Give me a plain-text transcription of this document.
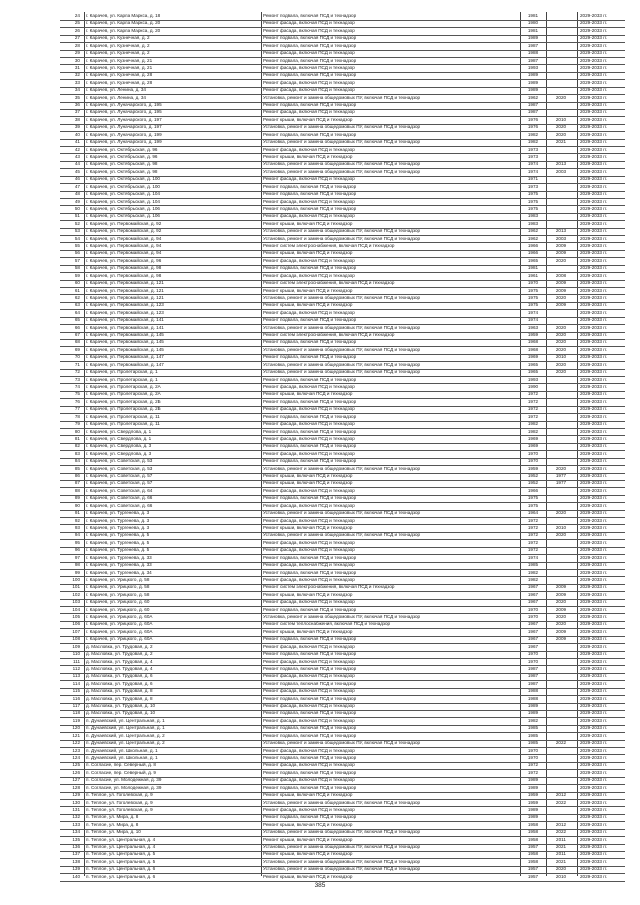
24 г. Карачев, ул. Карла Маркса, д. 18	Ремонт подвала, включая ПСД и технадзор	1981	2029-2033 гг.
25 г. Карачев, ул. Карла Маркса, д. 20	Ремонт фасада, включая ПСД и технадзор	1980	2029-2033 гг.
26 г. Карачев, ул. Карла Маркса, д. 20	Ремонт фасада, включая ПСД и технадзор	1981	2029-2033 гг.
27 г. Карачев, ул. Кузнечная, д. 2	Ремонт подвала, включая ПСД и технадзор	1989	2029-2033 гг.
28 г. Карачев, ул. Кузнечная, д. 2	Ремонт подвала, включая ПСД и технадзор	1987	2029-2033 гг.
29 г. Карачев, ул. Кузнечная, д. 2	Ремонт фасада, включая ПСД и технадзор	1988	2029-2033 гг.
30 г. Карачев, ул. Кузнечная, д. 21	Ремонт подвала, включая ПСД и технадзор	1987	2029-2033 гг.
31 г. Карачев, ул. Кузнечная, д. 21	Ремонт фасада, включая ПСД и технадзор	1993	2029-2033 гг.
32 г. Карачев, ул. Кузнечная, д. 28	Ремонт подвала, включая ПСД и технадзор	1989	2029-2033 гг.
33 г. Карачев, ул. Кузнечная, д. 28	Ремонт фасада, включая ПСД и технадзор	1989	2029-2033 гг.
34 г. Карачев, ул. Ленина, д. 34	Ремонт фасада, включая ПСД и технадзор	1989	2029-2033 гг.
35 г. Карачев, ул. Ленина, д. 34	Установка, ремонт и замена общедомовых ПУ, включая ПСД и технадзор	1962	2020	2029-2033 гг.
36 г. Карачев, ул. Луначарского, д. 195	Ремонт подвала, включая ПСД и технадзор	1987	2029-2033 гг.
37 г. Карачев, ул. Луначарского, д. 195	Ремонт фасада, включая ПСД и технадзор	1987	2029-2033 гг.
38 г. Карачев, ул. Луначарского, д. 197	Ремонт крыши, включая ПСД и технадзор	1976	2010	2029-2033 гг.
39 г. Карачев, ул. Луначарского, д. 197	Установка, ремонт и замена общедомовых ПУ, включая ПСД и технадзор	1976	2020	2029-2033 гг.
40 г. Карачев, ул. Луначарского, д. 199	Ремонт подвала, включая ПСД и технадзор	1982	2020	2029-2033 гг.
41 г. Карачев, ул. Луначарского, д. 199	Установка, ремонт и замена общедомовых ПУ, включая ПСД и технадзор	1982	2021	2029-2033 гг.
42 г. Карачев, ул. Октябрьская, д. 96	Ремонт фасада, включая ПСД и технадзор	1973	2029-2033 гг.
43 г. Карачев, ул. Октябрьская, д. 96	Ремонт крыши, включая ПСД и технадзор	1973	2029-2033 гг.
44 г. Карачев, ул. Октябрьская, д. 98	Установка, ремонт и замена общедомовых ПУ, включая ПСД и технадзор	1974	2013	2029-2033 гг.
45 г. Карачев, ул. Октябрьская, д. 98	Установка, ремонт и замена общедомовых ПУ, включая ПСД и технадзор	1974	2003	2029-2033 гг.
46 г. Карачев, ул. Октябрьская, д. 100	Ремонт фасада, включая ПСД и технадзор	1971	2029-2033 гг.
47 г. Карачев, ул. Октябрьская, д. 100	Ремонт подвала, включая ПСД и технадзор	1973	2029-2033 гг.
48 г. Карачев, ул. Октябрьская, д. 104	Ремонт подвала, включая ПСД и технадзор	1975	2029-2033 гг.
49 г. Карачев, ул. Октябрьская, д. 104	Ремонт фасада, включая ПСД и технадзор	1975	2029-2033 гг.
50 г. Карачев, ул. Октябрьская, д. 106	Ремонт подвала, включая ПСД и технадзор	1975	2029-2033 гг.
51 г. Карачев, ул. Октябрьская, д. 106	Ремонт фасада, включая ПСД и технадзор	1983	2029-2033 гг.
52 г. Карачев, ул. Первомайская, д. 92	Ремонт крыши, включая ПСД и технадзор	1983	2029-2033 гг.
53 г. Карачев, ул. Первомайская, д. 92	Установка, ремонт и замена общедомовых ПУ, включая ПСД и технадзор	1962	2013	2029-2033 гг.
54 г. Карачев, ул. Первомайская, д. 94	Установка, ремонт и замена общедомовых ПУ, включая ПСД и технадзор	1962	2003	2029-2033 гг.
55 г. Карачев, ул. Первомайская, д. 94	Ремонт систем электроснабжения, включая ПСД и технадзор	1966	2009	2029-2033 гг.
56 г. Карачев, ул. Первомайская, д. 94	Ремонт крыши, включая ПСД и технадзор	1966	2009	2029-2033 гг.
57 г. Карачев, ул. Первомайская, д. 96	Ремонт фасада, включая ПСД и технадзор	1965	2020	2029-2033 гг.
58 г. Карачев, ул. Первомайская, д. 98	Ремонт подвала, включая ПСД и технадзор	1981	2029-2033 гг.
59 г. Карачев, ул. Первомайская, д. 98	Ремонт фасада, включая ПСД и технадзор	1961	2008	2029-2033 гг.
60 г. Карачев, ул. Первомайская, д. 121	Ремонт систем электроснабжения, включая ПСД и технадзор	1970	2009	2029-2033 гг.
61 г. Карачев, ул. Первомайская, д. 121	Ремонт крыши, включая ПСД и технадзор	1975	2009	2029-2033 гг.
62 г. Карачев, ул. Первомайская, д. 121	Установка, ремонт и замена общедомовых ПУ, включая ПСД и технадзор	1975	2020	2029-2033 гг.
63 г. Карачев, ул. Первомайская, д. 123	Ремонт крыши, включая ПСД и технадзор	1975	2009	2029-2033 гг.
64 г. Карачев, ул. Первомайская, д. 123	Ремонт фасада, включая ПСД и технадзор	1974	2029-2033 гг.
65 г. Карачев, ул. Первомайская, д. 141	Ремонт подвала, включая ПСД и технадзор	1974	2029-2033 гг.
66 г. Карачев, ул. Первомайская, д. 141	Установка, ремонт и замена общедомовых ПУ, включая ПСД и технадзор	1963	2020	2029-2033 гг.
67 г. Карачев, ул. Первомайская, д. 145	Ремонт систем электроснабжения, включая ПСД и технадзор	1959	2020	2029-2033 гг.
68 г. Карачев, ул. Первомайская, д. 145	Ремонт подвала, включая ПСД и технадзор	1968	2020	2029-2033 гг.
69 г. Карачев, ул. Первомайская, д. 145	Установка, ремонт и замена общедомовых ПУ, включая ПСД и технадзор	1968	2020	2029-2033 гг.
70 г. Карачев, ул. Первомайская, д. 147	Ремонт подвала, включая ПСД и технадзор	1969	2010	2029-2033 гг.
71 г. Карачев, ул. Первомайская, д. 147	Установка, ремонт и замена общедомовых ПУ, включая ПСД и технадзор	1965	2020	2029-2033 гг.
72 г. Карачев, ул. Пролетарская, д. 1	Установка, ремонт и замена общедомовых ПУ, включая ПСД и технадзор	1965	2020	2029-2033 гг.
73 г. Карачев, ул. Пролетарская, д. 1	Ремонт подвала, включая ПСД и технадзор	1993	2029-2033 гг.
74 г. Карачев, ул. Пролетарская, д. 2А	Ремонт фасада, включая ПСД и технадзор	1990	2029-2033 гг.
75 г. Карачев, ул. Пролетарская, д. 2А	Ремонт крыши, включая ПСД и технадзор	1972	2029-2033 гг.
76 г. Карачев, ул. Пролетарская, д. 2Б	Ремонт подвала, включая ПСД и технадзор	1972	2029-2033 гг.
77 г. Карачев, ул. Пролетарская, д. 2Б	Ремонт фасада, включая ПСД и технадзор	1972	2029-2033 гг.
78 г. Карачев, ул. Пролетарская, д. 11	Ремонт подвала, включая ПСД и технадзор	1972	2029-2033 гг.
79 г. Карачев, ул. Пролетарская, д. 11	Ремонт фасада, включая ПСД и технадзор	1982	2029-2033 гг.
80 г. Карачев, ул. Свердлова, д. 1	Ремонт подвала, включая ПСД и технадзор	1982	2029-2033 гг.
81 г. Карачев, ул. Свердлова, д. 1	Ремонт фасада, включая ПСД и технадзор	1969	2029-2033 гг.
82 г. Карачев, ул. Свердлова, д. 3	Ремонт подвала, включая ПСД и технадзор	1969	2029-2033 гг.
83 г. Карачев, ул. Свердлова, д. 3	Ремонт фасада, включая ПСД и технадзор	1970	2029-2033 гг.
84 г. Карачев, ул. Советская, д. 53	Ремонт подвала, включая ПСД и технадзор	1970	2029-2033 гг.
85 г. Карачев, ул. Советская, д. 53	Установка, ремонт и замена общедомовых ПУ, включая ПСД и технадзор	1959	2020	2029-2033 гг.
86 г. Карачев, ул. Советская, д. 57	Ремонт крыши, включая ПСД и технадзор	1952	1977	2029-2033 гг.
87 г. Карачев, ул. Советская, д. 57	Ремонт крыши, включая ПСД и технадзор	1952	1977	2029-2033 гг.
88 г. Карачев, ул. Советская, д. 64	Ремонт фасада, включая ПСД и технадзор	1966	2029-2033 гг.
89 г. Карачев, ул. Советская, д. 66	Ремонт подвала, включая ПСД и технадзор	1975	2029-2033 гг.
90 г. Карачев, ул. Советская, д. 66	Ремонт фасада, включая ПСД и технадзор	1975	2029-2033 гг.
91 г. Карачев, ул. Тургенева, д. 3	Установка, ремонт и замена общедомовых ПУ, включая ПСД и технадзор	1964	2020	2029-2033 гг.
92 г. Карачев, ул. Тургенева, д. 3	Ремонт фасада, включая ПСД и технадзор	1972	2029-2033 гг.
93 г. Карачев, ул. Тургенева, д. 3	Ремонт крыши, включая ПСД и технадзор	1972	2010	2029-2033 гг.
94 г. Карачев, ул. Тургенева, д. 5	Установка, ремонт и замена общедомовых ПУ, включая ПСД и технадзор	1972	2020	2029-2033 гг.
95 г. Карачев, ул. Тургенева, д. 5	Ремонт фасада, включая ПСД и технадзор	1972	2029-2033 гг.
96 г. Карачев, ул. Тургенева, д. 5	Ремонт фасада, включая ПСД и технадзор	1972	2029-2033 гг.
97 г. Карачев, ул. Тургенева, д. 33	Ремонт подвала, включая ПСД и технадзор	1974	2029-2033 гг.
98 г. Карачев, ул. Тургенева, д. 33	Ремонт фасада, включая ПСД и технадзор	1985	2029-2033 гг.
99 г. Карачев, ул. Тургенева, д. 34	Ремонт подвала, включая ПСД и технадзор	1982	2029-2033 гг.
100 г. Карачев, ул. Урицкого, д. 58	Ремонт фасада, включая ПСД и технадзор	1982	2029-2033 гг.
101 г. Карачев, ул. Урицкого, д. 58	Ремонт систем электроснабжения, включая ПСД и технадзор	1967	2009	2029-2033 гг.
102 г. Карачев, ул. Урицкого, д. 58	Ремонт крыши, включая ПСД и технадзор	1967	2009	2029-2033 гг.
103 г. Карачев, ул. Урицкого, д. 60	Ремонт фасада, включая ПСД и технадзор	1967	2020	2029-2033 гг.
104 г. Карачев, ул. Урицкого, д. 60	Ремонт подвала, включая ПСД и технадзор	1970	2009	2029-2033 гг.
105 г. Карачев, ул. Урицкого, д. 60А	Установка, ремонт и замена общедомовых ПУ, включая ПСД и технадзор	1970	2020	2029-2033 гг.
106 г. Карачев, ул. Урицкого, д. 60А	Ремонт систем теплоснабжения, включая ПСД и технадзор	1967	2020	2029-2033 гг.
107 г. Карачев, ул. Урицкого, д. 60А	Ремонт крыши, включая ПСД и технадзор	1967	2009	2029-2033 гг.
108 г. Карачев, ул. Урицкого, д. 60А	Ремонт подвала, включая ПСД и технадзор	1967	2009	2029-2033 гг.
109 д. Масловка, ул. Трудовая, д. 2	Ремонт фасада, включая ПСД и технадзор	1967	2029-2033 гг.
110 д. Масловка, ул. Трудовая, д. 2	Ремонт подвала, включая ПСД и технадзор	1970	2029-2033 гг.
111 д. Масловка, ул. Трудовая, д. 4	Ремонт фасада, включая ПСД и технадзор	1970	2029-2033 гг.
112 д. Масловка, ул. Трудовая, д. 4	Ремонт подвала, включая ПСД и технадзор	1987	2029-2033 гг.
113 д. Масловка, ул. Трудовая, д. 6	Ремонт фасада, включая ПСД и технадзор	1987	2029-2033 гг.
114 д. Масловка, ул. Трудовая, д. 6	Ремонт подвала, включая ПСД и технадзор	1987	2029-2033 гг.
115 д. Масловка, ул. Трудовая, д. 8	Ремонт фасада, включая ПСД и технадзор	1988	2029-2033 гг.
116 д. Масловка, ул. Трудовая, д. 8	Ремонт подвала, включая ПСД и технадзор	1988	2029-2033 гг.
117 д. Масловка, ул. Трудовая, д. 10	Ремонт фасада, включая ПСД и технадзор	1989	2029-2033 гг.
118 д. Масловка, ул. Трудовая, д. 10	Ремонт подвала, включая ПСД и технадзор	1989	2029-2033 гг.
119 п. Дунаевский, ул. Центральная, д. 1	Ремонт фасада, включая ПСД и технадзор	1982	2029-2033 гг.
120 п. Дунаевский, ул. Центральная, д. 1	Ремонт подвала, включая ПСД и технадзор	1985	2029-2033 гг.
121 п. Дунаевский, ул. Центральная, д. 2	Ремонт подвала, включая ПСД и технадзор	1985	2029-2033 гг.
122 п. Дунаевский, ул. Центральная, д. 2	Установка, ремонт и замена общедомовых ПУ, включая ПСД и технадзор	1985	2022	2029-2033 гг.
123 п. Дунаевский, ул. Школьная, д. 1	Ремонт фасада, включая ПСД и технадзор	1970	2029-2033 гг.
124 п. Дунаевский, ул. Школьная, д. 1	Ремонт подвала, включая ПСД и технадзор	1970	2029-2033 гг.
125 п. Согласие, пер. Северный, д. 8	Ремонт фасада, включая ПСД и технадзор	1972	2029-2033 гг.
126 п. Согласие, пер. Северный, д. 9	Ремонт подвала, включая ПСД и технадзор	1972	2029-2033 гг.
127 п. Согласие, ул. Молодежная, д. 39	Ремонт фасада, включая ПСД и технадзор	1989	2029-2033 гг.
128 п. Согласие, ул. Молодежная, д. 39	Ремонт подвала, включая ПСД и технадзор	1989	2029-2033 гг.
129 п. Теплое, ул. Гоголевская, д. 9	Ремонт крыши, включая ПСД и технадзор	1959	2012	2029-2033 гг.
130 п. Теплое, ул. Гоголевская, д. 9	Установка, ремонт и замена общедомовых ПУ, включая ПСД и технадзор	1959	2022	2029-2033 гг.
131 п. Теплое, ул. Гоголевская, д. 9	Ремонт фасада, включая ПСД и технадзор	1989	2029-2033 гг.
132 п. Теплое, ул. Мира, д. 8	Ремонт подвала, включая ПСД и технадзор	1989	2029-2033 гг.
133 п. Теплое, ул. Мира, д. 8	Ремонт крыши, включая ПСД и технадзор	1958	2012	2029-2033 гг.
134 п. Теплое, ул. Мира, д. 10	Установка, ремонт и замена общедомовых ПУ, включая ПСД и технадзор	1958	2022	2029-2033 гг.
135 п. Теплое, ул. Центральная, д. 4	Ремонт крыши, включая ПСД и технадзор	1958	2011	2029-2033 гг.
136 п. Теплое, ул. Центральная, д. 4	Установка, ремонт и замена общедомовых ПУ, включая ПСД и технадзор	1957	2021	2029-2033 гг.
137 п. Теплое, ул. Центральная, д. 5	Ремонт крыши, включая ПСД и технадзор	1958	2011	2029-2033 гг.
138 п. Теплое, ул. Центральная, д. 5	Установка, ремонт и замена общедомовых ПУ, включая ПСД и технадзор	1958	2021	2029-2033 гг.
139 п. Теплое, ул. Центральная, д. 6	Установка, ремонт и замена общедомовых ПУ, включая ПСД и технадзор	1957	2020	2029-2033 гг.
140 п. Теплое, ул. Центральная, д. 6	Ремонт крыши, включая ПСД и технадзор	1957	2010	2029-2033 гг.
385
